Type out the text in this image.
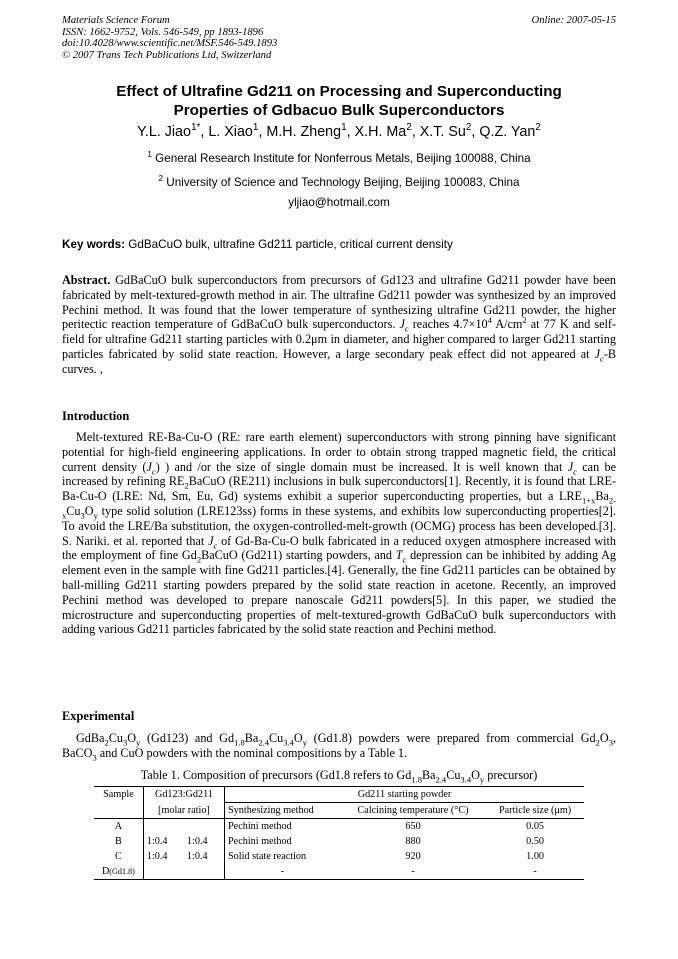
Materials Science Forum
ISSN: 1662-9752, Vols. 546-549, pp 1893-1896
doi:10.4028/www.scientific.net/MSF.546-549.1893
© 2007 Trans Tech Publications Ltd, Switzerland
Online: 2007-05-15
Effect of Ultrafine Gd211 on Processing and Superconducting
Properties of Gdbacuo Bulk Superconductors
Y.L. Jiao$^{1*}$, L. Xiao$^1$, M.H. Zheng$^1$, X.H. Ma$^2$, X.T. Su$^2$, Q.Z. Yan$^2$
$^1$ General Research Institute for Nonferrous Metals, Beijing 100088, China
$^2$ University of Science and Technology Beijing, Beijing 100083, China
yljiao@hotmail.com
Key words: GdBaCuO bulk, ultrafine Gd211 particle, critical current density
Abstract. GdBaCuO bulk superconductors from precursors of Gd123 and ultrafine Gd211 powder have been fabricated by melt-textured-growth method in air. The ultrafine Gd211 powder was synthesized by an improved Pechini method. It was found that the lower temperature of synthesizing ultrafine Gd211 powder, the higher peritectic reaction temperature of GdBaCuO bulk superconductors. $J_c$ reaches $4.7\times 10^4$ $A/cm^2$ at 77 K and self-field for ultrafine Gd211 starting particles with 0.2μm in diameter, and higher compared to larger Gd211 starting particles fabricated by solid state reaction. However, a large secondary peak effect did not appeared at $J_c-B$ curves. ,
Introduction
Melt-textured RE-Ba-Cu-O (RE: rare earth element) superconductors with strong pinning have significant potential for high-field engineering applications. In order to obtain strong trapped magnetic field, the critical current density $(J_c)$ ) and /or the size of single domain must be increased. It is well known that $J_c$ can be increased by refining $RE_2BaCuO$ (RE211) inclusions in bulk superconductors[1]. Recently, it is found that LRE-Ba-Cu-O (LRE: Nd, Sm, Eu, Gd) systems exhibit a superior superconducting properties, but a $LRE_{1+x}Ba_{2-x}Cu_3O_y$ type solid solution (LRE123ss) forms in these systems, and exhibits low superconducting properties[2]. To avoid the LRE/Ba substitution, the oxygen-controlled-melt-growth (OCMG) process has been developed.[3]. S. Nariki. et al. reported that $J_c$ of Gd-Ba-Cu-O bulk fabricated in a reduced oxygen atmosphere increased with the employment of fine $Gd_2BaCuO$ (Gd211) starting powders, and $T_c$ depression can be inhibited by adding Ag element even in the sample with fine Gd211 particles.[4]. Generally, the fine Gd211 particles can be obtained by ball-milling Gd211 starting powders prepared by the solid state reaction in acetone. Recently, an improved Pechini method was developed to prepare nanoscale Gd211 powders[5]. In this paper, we studied the microstructure and superconducting properties of melt-textured-growth GdBaCuO bulk superconductors with adding various Gd211 particles fabricated by the solid state reaction and Pechini method.
Experimental
$GdBa_2Cu_3O_y$ (Gd123) and $Gd_{1.8}Ba_{2.4}Cu_{3.4}O_y$ (Gd1.8) powders were prepared from commercial $Gd_2O_3$, BaCO$_3$ and CuO powders with the nominal compositions by a Table 1.
Table 1. Composition of precursors (Gd1.8 refers to $Gd_{1.8}Ba_{2.4}Cu_{3.4}O_y$ precursor)
Sample	Gd123:Gd211		Gd211 starting powder		
	[molar ratio]		Synthesizing method	Calcining temperature (°C)	Particle size (μm)
A			Pechini method	650	0.05
B	1:0.4	1:0.4	Pechini method	880	0.50
C	1:0.4	1:0.4	Solid state reaction	920	1.00
D(Gd1.8)			-	-	-
